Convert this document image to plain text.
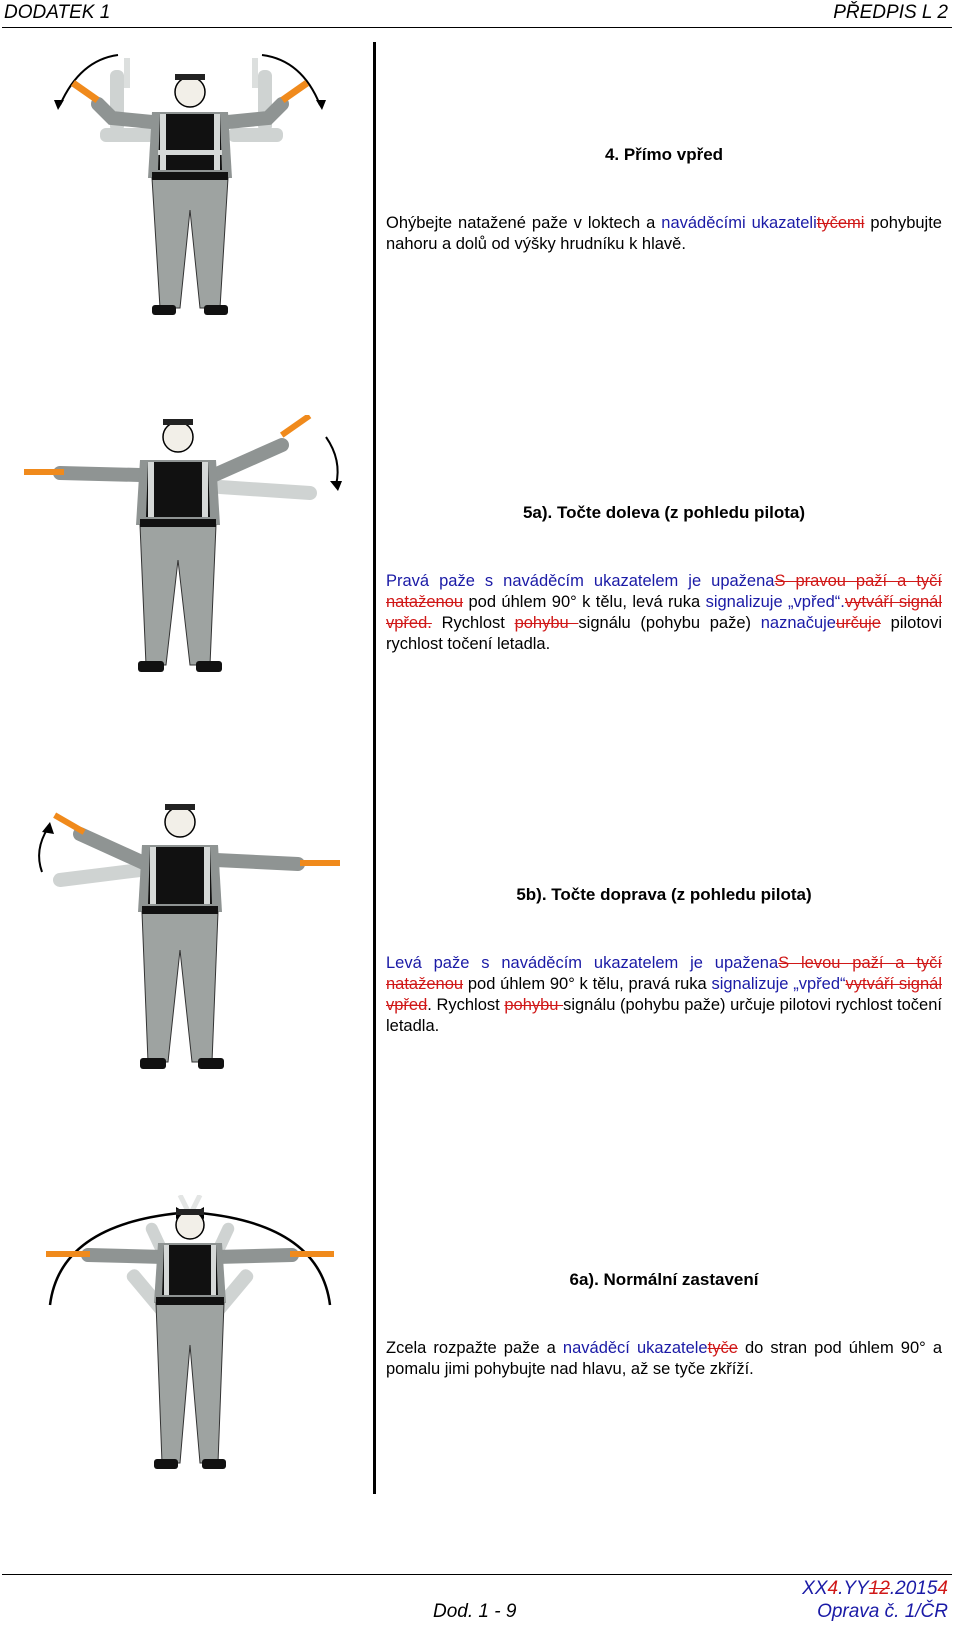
DODATEK 1	PŘEDPIS L 2
4. Přímo vpřed
Ohýbejte natažené paže v loktech a naváděcími ukazatelityčemi pohybujte nahoru a dolů od výšky hrudníku k hlavě.
5a). Točte doleva (z pohledu pilota)
Pravá paže s naváděcím ukazatelem je upaženaS pravou paží a tyčí nataženou pod úhlem 90° k tělu, levá ruka signalizuje „vpřed“.vytváří signál vpřed. Rychlost pohybu signálu (pohybu paže) naznačujeurčuje pilotovi rychlost točení letadla.
5b). Točte doprava (z pohledu pilota)
Levá paže s naváděcím ukazatelem je upaženaS levou paží a tyčí nataženou pod úhlem 90° k tělu, pravá ruka signalizuje „vpřed“vytváří signál vpřed. Rychlost pohybu signálu (pohybu paže) určuje pilotovi rychlost točení letadla.
6a). Normální zastavení
Zcela rozpažte paže a naváděcí ukazateletyče do stran pod úhlem 90° a pomalu jimi pohybujte nad hlavu, až se tyče zkříží.
Dod. 1 - 9
XX4.YY12.20154
Oprava č. 1/ČR
